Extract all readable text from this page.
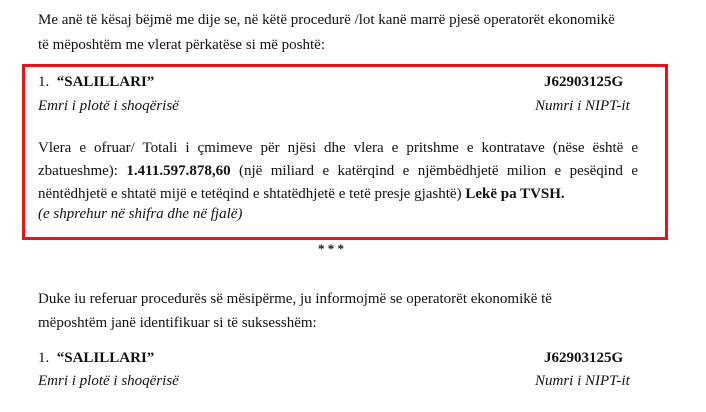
Me anë të kësaj bëjmë me dije se, në këtë procedurë /lot kanë marrë pjesë operatorët ekonomikë
të mëposhtëm me vlerat përkatëse si më poshtë:
1. “SALILLARI”	J62903125G
Emri i plotë i shoqërisë	Numri i NIPT-it
Vlera e ofruar/ Totali i çmimeve për njësi dhe vlera e pritshme e kontratave (nëse është e
zbatueshme): 1.411.597.878,60 (një miliard e katërqind e njëmbëdhjetë milion e pesëqind e
nëntëdhjetë e shtatë mijë e tetëqind e shtatëdhjetë e tetë presje gjashtë) Lekë pa TVSH.
(e shprehur në shifra dhe në fjalë)
* * *
Duke iu referuar procedurës së mësipërme, ju informojmë se operatorët ekonomikë të
mëposhtëm janë identifikuar si të suksesshëm:
1. “SALILLARI”	J62903125G
Emri i plotë i shoqërisë	Numri i NIPT-it
